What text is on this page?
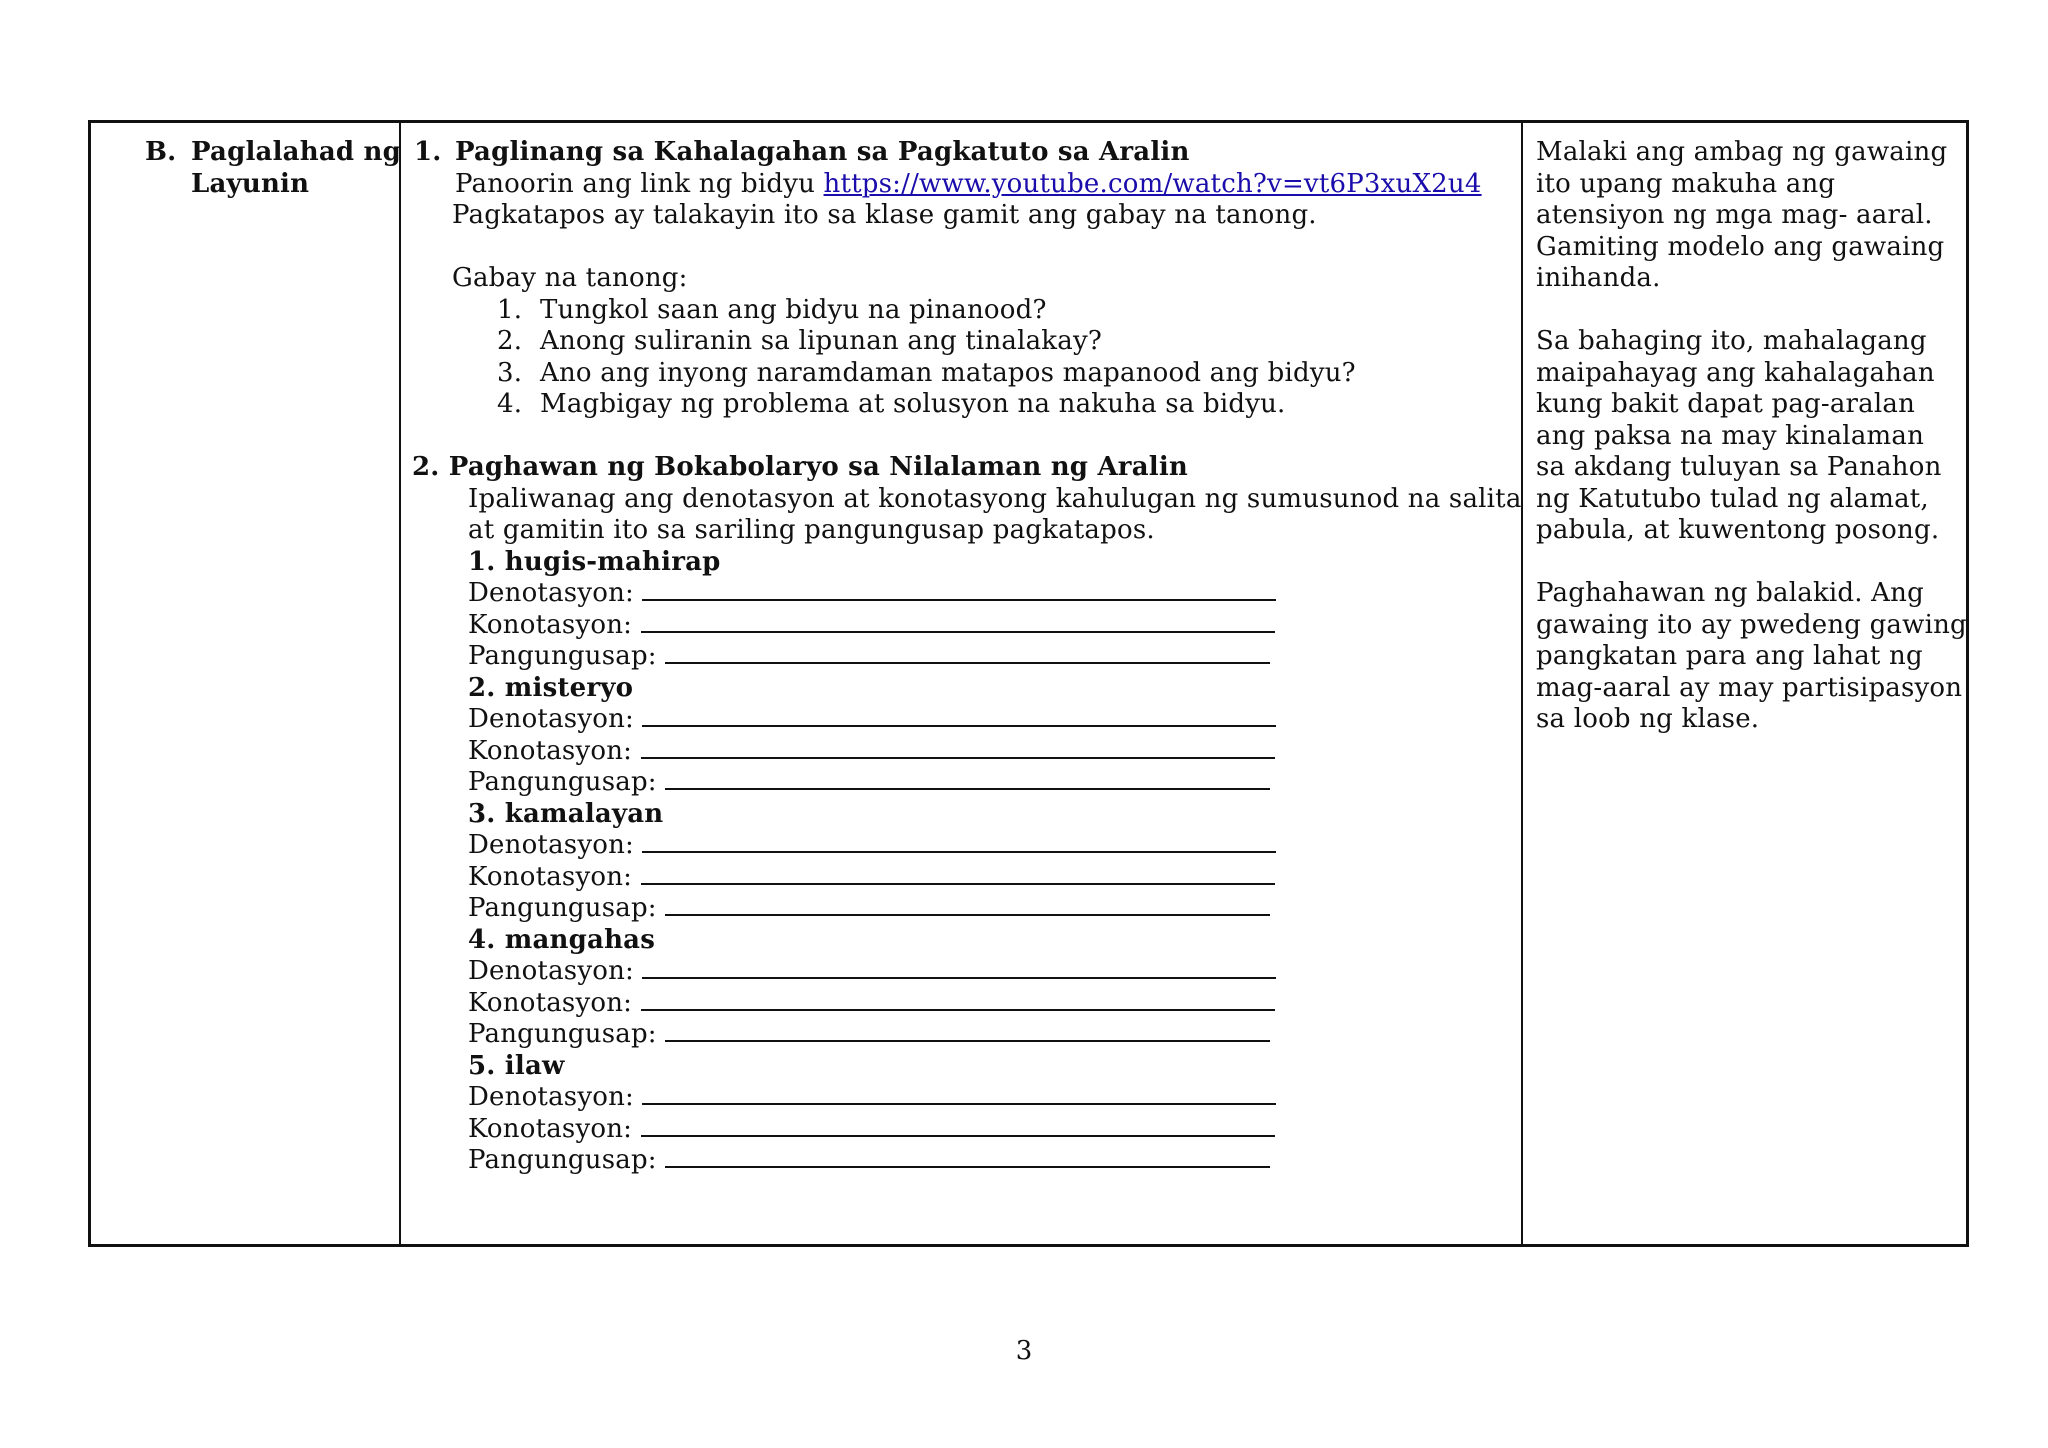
B. Paglalahad ng
Layunin
1. Paglinang sa Kahalagahan sa Pagkatuto sa Aralin
Panoorin ang link ng bidyu https://www.youtube.com/watch?v=vt6P3xuX2u4
Pagkatapos ay talakayin ito sa klase gamit ang gabay na tanong.
Gabay na tanong:
1. Tungkol saan ang bidyu na pinanood?
2. Anong suliranin sa lipunan ang tinalakay?
3. Ano ang inyong naramdaman matapos mapanood ang bidyu?
4. Magbigay ng problema at solusyon na nakuha sa bidyu.
2. Paghawan ng Bokabolaryo sa Nilalaman ng Aralin
Ipaliwanag ang denotasyon at konotasyong kahulugan ng sumusunod na salita
at gamitin ito sa sariling pangungusap pagkatapos.
1. hugis-mahirap
Denotasyon:
Konotasyon:
Pangungusap:
2. misteryo
Denotasyon:
Konotasyon:
Pangungusap:
3. kamalayan
Denotasyon:
Konotasyon:
Pangungusap:
4. mangahas
Denotasyon:
Konotasyon:
Pangungusap:
5. ilaw
Denotasyon:
Konotasyon:
Pangungusap:
Malaki ang ambag ng gawaing
ito upang makuha ang
atensiyon ng mga mag- aaral.
Gamiting modelo ang gawaing
inihanda.
Sa bahaging ito, mahalagang
maipahayag ang kahalagahan
kung bakit dapat pag-aralan
ang paksa na may kinalaman
sa akdang tuluyan sa Panahon
ng Katutubo tulad ng alamat,
pabula, at kuwentong posong.
Paghahawan ng balakid. Ang
gawaing ito ay pwedeng gawing
pangkatan para ang lahat ng
mag-aaral ay may partisipasyon
sa loob ng klase.
3
